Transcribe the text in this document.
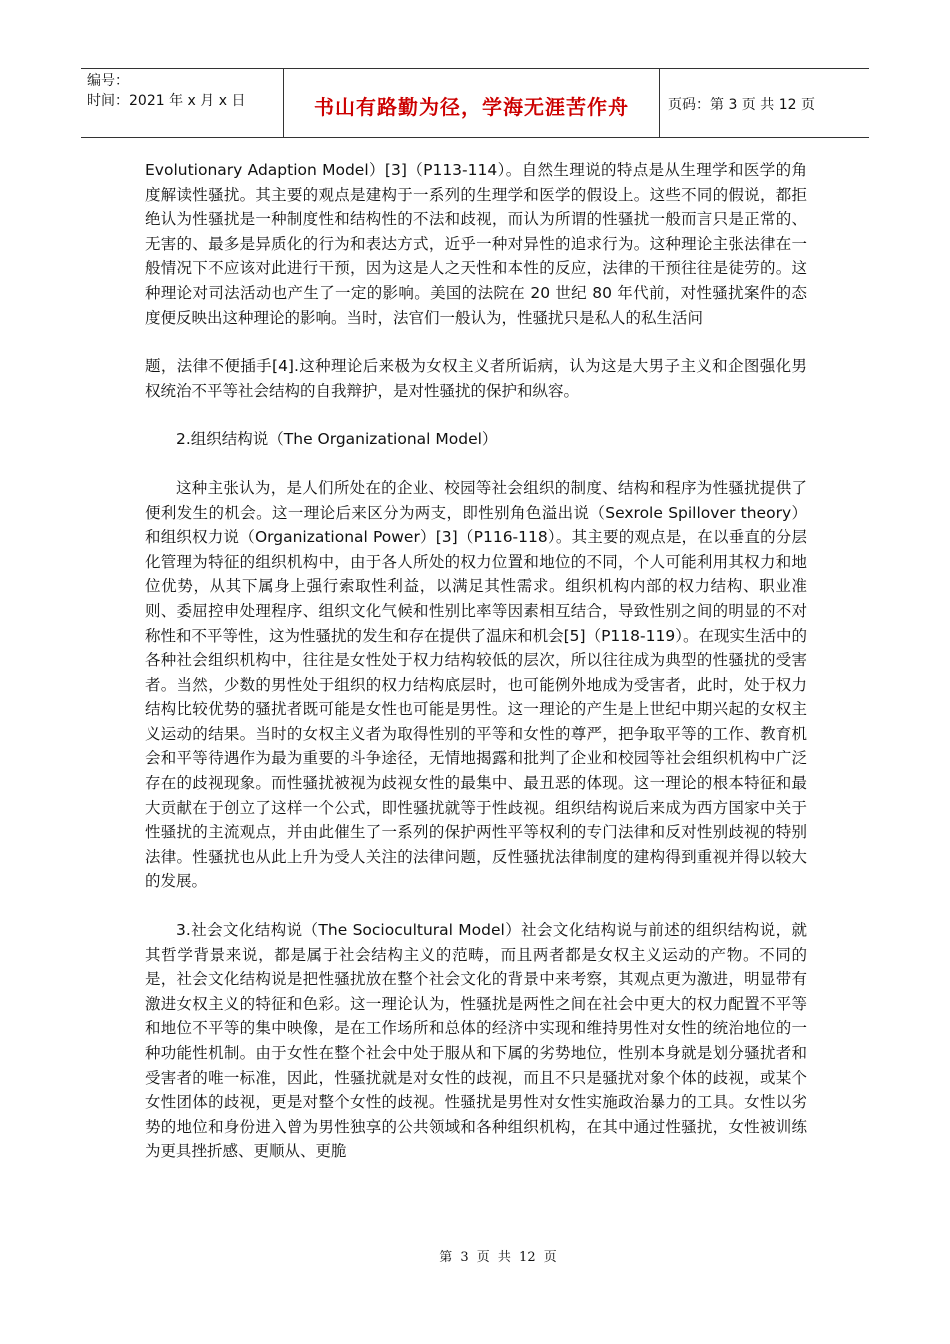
编号：
时间：2021 年 x 月 x 日	书山有路勤为径，学海无涯苦作舟	页码：第 3 页 共 12 页

Evolutionary Adaption Model）[3]（P113-114）。自然生理说的特点是从生理学和医学的角度解读性骚扰。其主要的观点是建构于一系列的生理学和医学的假设上。这些不同的假说，都拒绝认为性骚扰是一种制度性和结构性的不法和歧视，而认为所谓的性骚扰一般而言只是正常的、无害的、最多是异质化的行为和表达方式，近乎一种对异性的追求行为。这种理论主张法律在一般情况下不应该对此进行干预，因为这是人之天性和本性的反应，法律的干预往往是徒劳的。这种理论对司法活动也产生了一定的影响。美国的法院在 20 世纪 80 年代前，对性骚扰案件的态度便反映出这种理论的影响。当时，法官们一般认为，性骚扰只是私人的私生活问

题，法律不便插手[4].这种理论后来极为女权主义者所诟病，认为这是大男子主义和企图强化男权统治不平等社会结构的自我辩护，是对性骚扰的保护和纵容。

2.组织结构说（The Organizational Model）

这种主张认为，是人们所处在的企业、校园等社会组织的制度、结构和程序为性骚扰提供了便利发生的机会。这一理论后来区分为两支，即性别角色溢出说（Sexrole Spillover theory）和组织权力说（Organizational Power）[3]（P116-118）。其主要的观点是，在以垂直的分层化管理为特征的组织机构中，由于各人所处的权力位置和地位的不同，个人可能利用其权力和地位优势，从其下属身上强行索取性利益，以满足其性需求。组织机构内部的权力结构、职业准则、委屈控申处理程序、组织文化气候和性别比率等因素相互结合，导致性别之间的明显的不对称性和不平等性，这为性骚扰的发生和存在提供了温床和机会[5]（P118-119）。在现实生活中的各种社会组织机构中，往往是女性处于权力结构较低的层次，所以往往成为典型的性骚扰的受害者。当然，少数的男性处于组织的权力结构底层时，也可能例外地成为受害者，此时，处于权力结构比较优势的骚扰者既可能是女性也可能是男性。这一理论的产生是上世纪中期兴起的女权主义运动的结果。当时的女权主义者为取得性别的平等和女性的尊严，把争取平等的工作、教育机会和平等待遇作为最为重要的斗争途径，无情地揭露和批判了企业和校园等社会组织机构中广泛存在的歧视现象。而性骚扰被视为歧视女性的最集中、最丑恶的体现。这一理论的根本特征和最大贡献在于创立了这样一个公式，即性骚扰就等于性歧视。组织结构说后来成为西方国家中关于性骚扰的主流观点，并由此催生了一系列的保护两性平等权利的专门法律和反对性别歧视的特别法律。性骚扰也从此上升为受人关注的法律问题，反性骚扰法律制度的建构得到重视并得以较大的发展。

3.社会文化结构说（The Sociocultural Model）社会文化结构说与前述的组织结构说，就其哲学背景来说，都是属于社会结构主义的范畴，而且两者都是女权主义运动的产物。不同的是，社会文化结构说是把性骚扰放在整个社会文化的背景中来考察，其观点更为激进，明显带有激进女权主义的特征和色彩。这一理论认为，性骚扰是两性之间在社会中更大的权力配置不平等和地位不平等的集中映像，是在工作场所和总体的经济中实现和维持男性对女性的统治地位的一种功能性机制。由于女性在整个社会中处于服从和下属的劣势地位，性别本身就是划分骚扰者和受害者的唯一标准，因此，性骚扰就是对女性的歧视，而且不只是骚扰对象个体的歧视，或某个女性团体的歧视，更是对整个女性的歧视。性骚扰是男性对女性实施政治暴力的工具。女性以劣势的地位和身份进入曾为男性独享的公共领域和各种组织机构，在其中通过性骚扰，女性被训练为更具挫折感、更顺从、更脆

第 3 页 共 12 页
